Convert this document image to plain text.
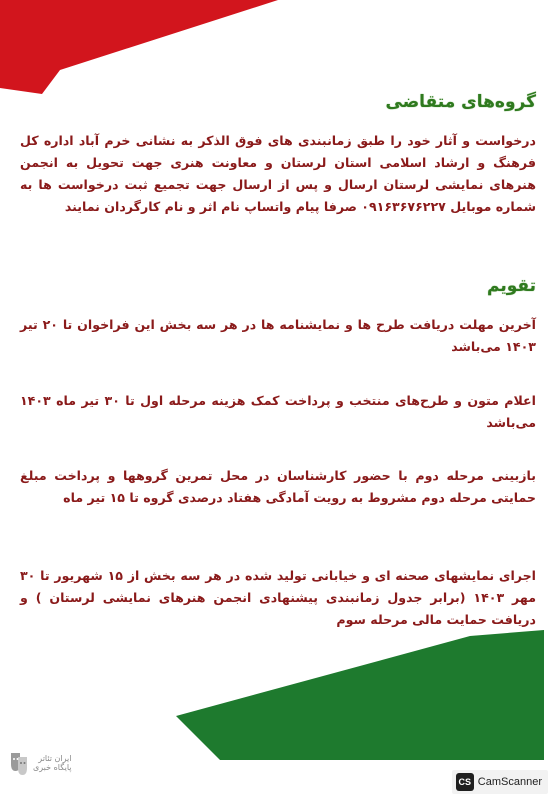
گروه‌های متقاضی

درخواست و آثار خود را طبق زمانبندی های فوق الذکر به نشانی خرم آباد اداره کل فرهنگ و ارشاد اسلامی استان لرستان و معاونت هنری جهت تحویل به انجمن هنرهای نمایشی لرستان ارسال و پس از ارسال جهت تجمیع ثبت درخواست ها به شماره موبایل ۰۹۱۶۳۶۷۶۲۲۷ صرفا پیام واتساپ نام اثر و نام کارگردان نمایند

تقویم

آخرین مهلت دریافت طرح ها و نمایشنامه ها در هر سه بخش این فراخوان تا ۲۰ تیر ۱۴۰۳ می‌باشد

اعلام متون و طرح‌های منتخب و پرداخت کمک هزینه مرحله اول تا ۳۰ تیر ماه ۱۴۰۳ می‌باشد

بازبینی مرحله دوم با حضور کارشناسان در محل تمرین گروهها و پرداخت مبلغ حمایتی مرحله دوم مشروط به رویت آمادگی هفتاد درصدی گروه تا ۱۵ تیر ماه

اجرای نمایشهای صحنه ای و خیابانی تولید شده در هر سه بخش از ۱۵ شهریور تا ۳۰ مهر ۱۴۰۳ (برابر جدول زمانبندی پیشنهادی انجمن هنرهای نمایشی لرستان ) و دریافت حمایت مالی مرحله سوم

ایران تئاتر
پایگاه خبری
CS CamScanner
